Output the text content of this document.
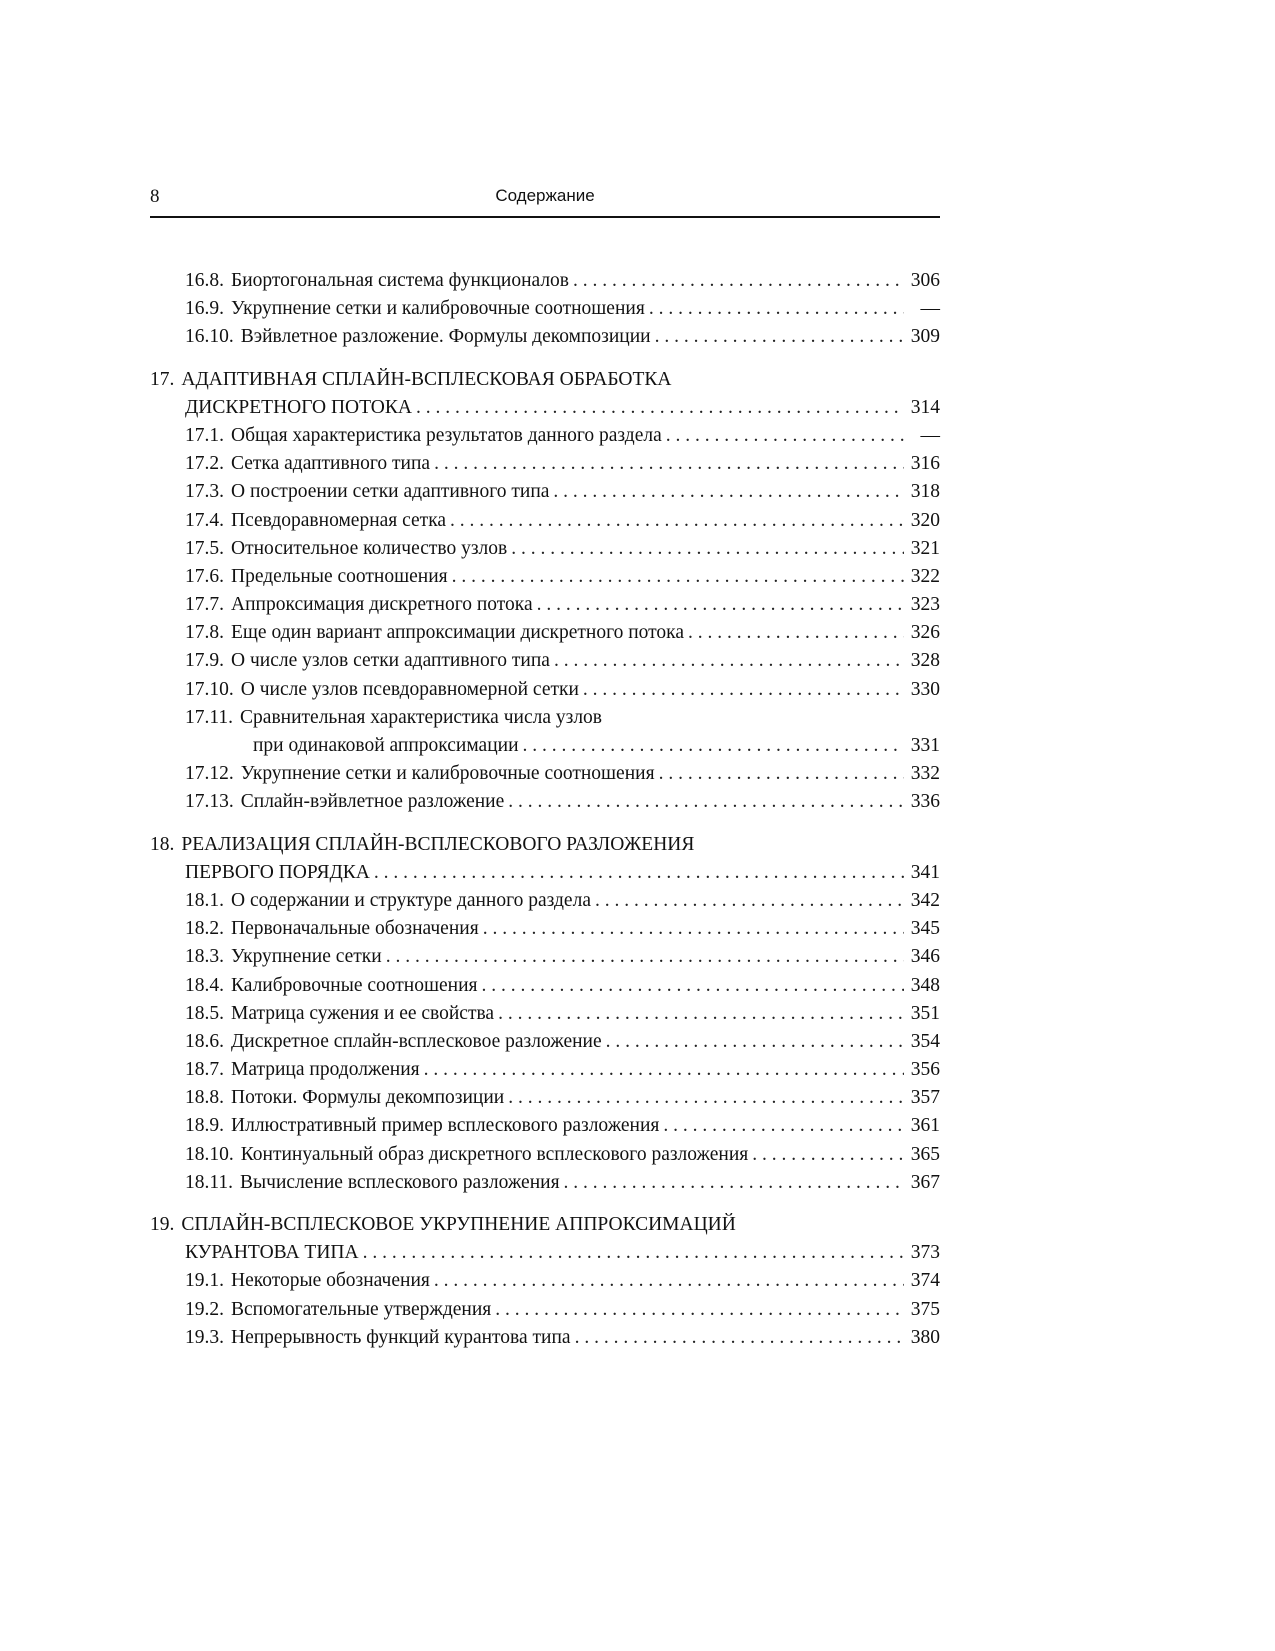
8	Содержание
16.8. Биортогональная система функционалов . . .	306
16.9. Укрупнение сетки и калибровочные соотношения . . .	—
16.10. Вэйвлетное разложение. Формулы декомпозиции . . .	309
17. АДАПТИВНАЯ СПЛАЙН-ВСПЛЕСКОВАЯ ОБРАБОТКА
ДИСКРЕТНОГО ПОТОКА . . .	314
17.1. Общая характеристика результатов данного раздела . . .	—
17.2. Сетка адаптивного типа . . .	316
17.3. О построении сетки адаптивного типа . . .	318
17.4. Псевдоравномерная сетка . . .	320
17.5. Относительное количество узлов . . .	321
17.6. Предельные соотношения . . .	322
17.7. Аппроксимация дискретного потока . . .	323
17.8. Еще один вариант аппроксимации дискретного потока . . .	326
17.9. О числе узлов сетки адаптивного типа . . .	328
17.10. О числе узлов псевдоравномерной сетки . . .	330
17.11. Сравнительная характеристика числа узлов
при одинаковой аппроксимации . . .	331
17.12. Укрупнение сетки и калибровочные соотношения . . .	332
17.13. Сплайн-вэйвлетное разложение . . .	336
18. РЕАЛИЗАЦИЯ СПЛАЙН-ВСПЛЕСКОВОГО РАЗЛОЖЕНИЯ
ПЕРВОГО ПОРЯДКА . . .	341
18.1. О содержании и структуре данного раздела . . .	342
18.2. Первоначальные обозначения . . .	345
18.3. Укрупнение сетки . . .	346
18.4. Калибровочные соотношения . . .	348
18.5. Матрица сужения и ее свойства . . .	351
18.6. Дискретное сплайн-всплесковое разложение . . .	354
18.7. Матрица продолжения . . .	356
18.8. Потоки. Формулы декомпозиции . . .	357
18.9. Иллюстративный пример всплескового разложения . . .	361
18.10. Континуальный образ дискретного всплескового разложения . . .	365
18.11. Вычисление всплескового разложения . . .	367
19. СПЛАЙН-ВСПЛЕСКОВОЕ УКРУПНЕНИЕ АППРОКСИМАЦИЙ
КУРАНТОВА ТИПА . . .	373
19.1. Некоторые обозначения . . .	374
19.2. Вспомогательные утверждения . . .	375
19.3. Непрерывность функций курантова типа . . .	380
